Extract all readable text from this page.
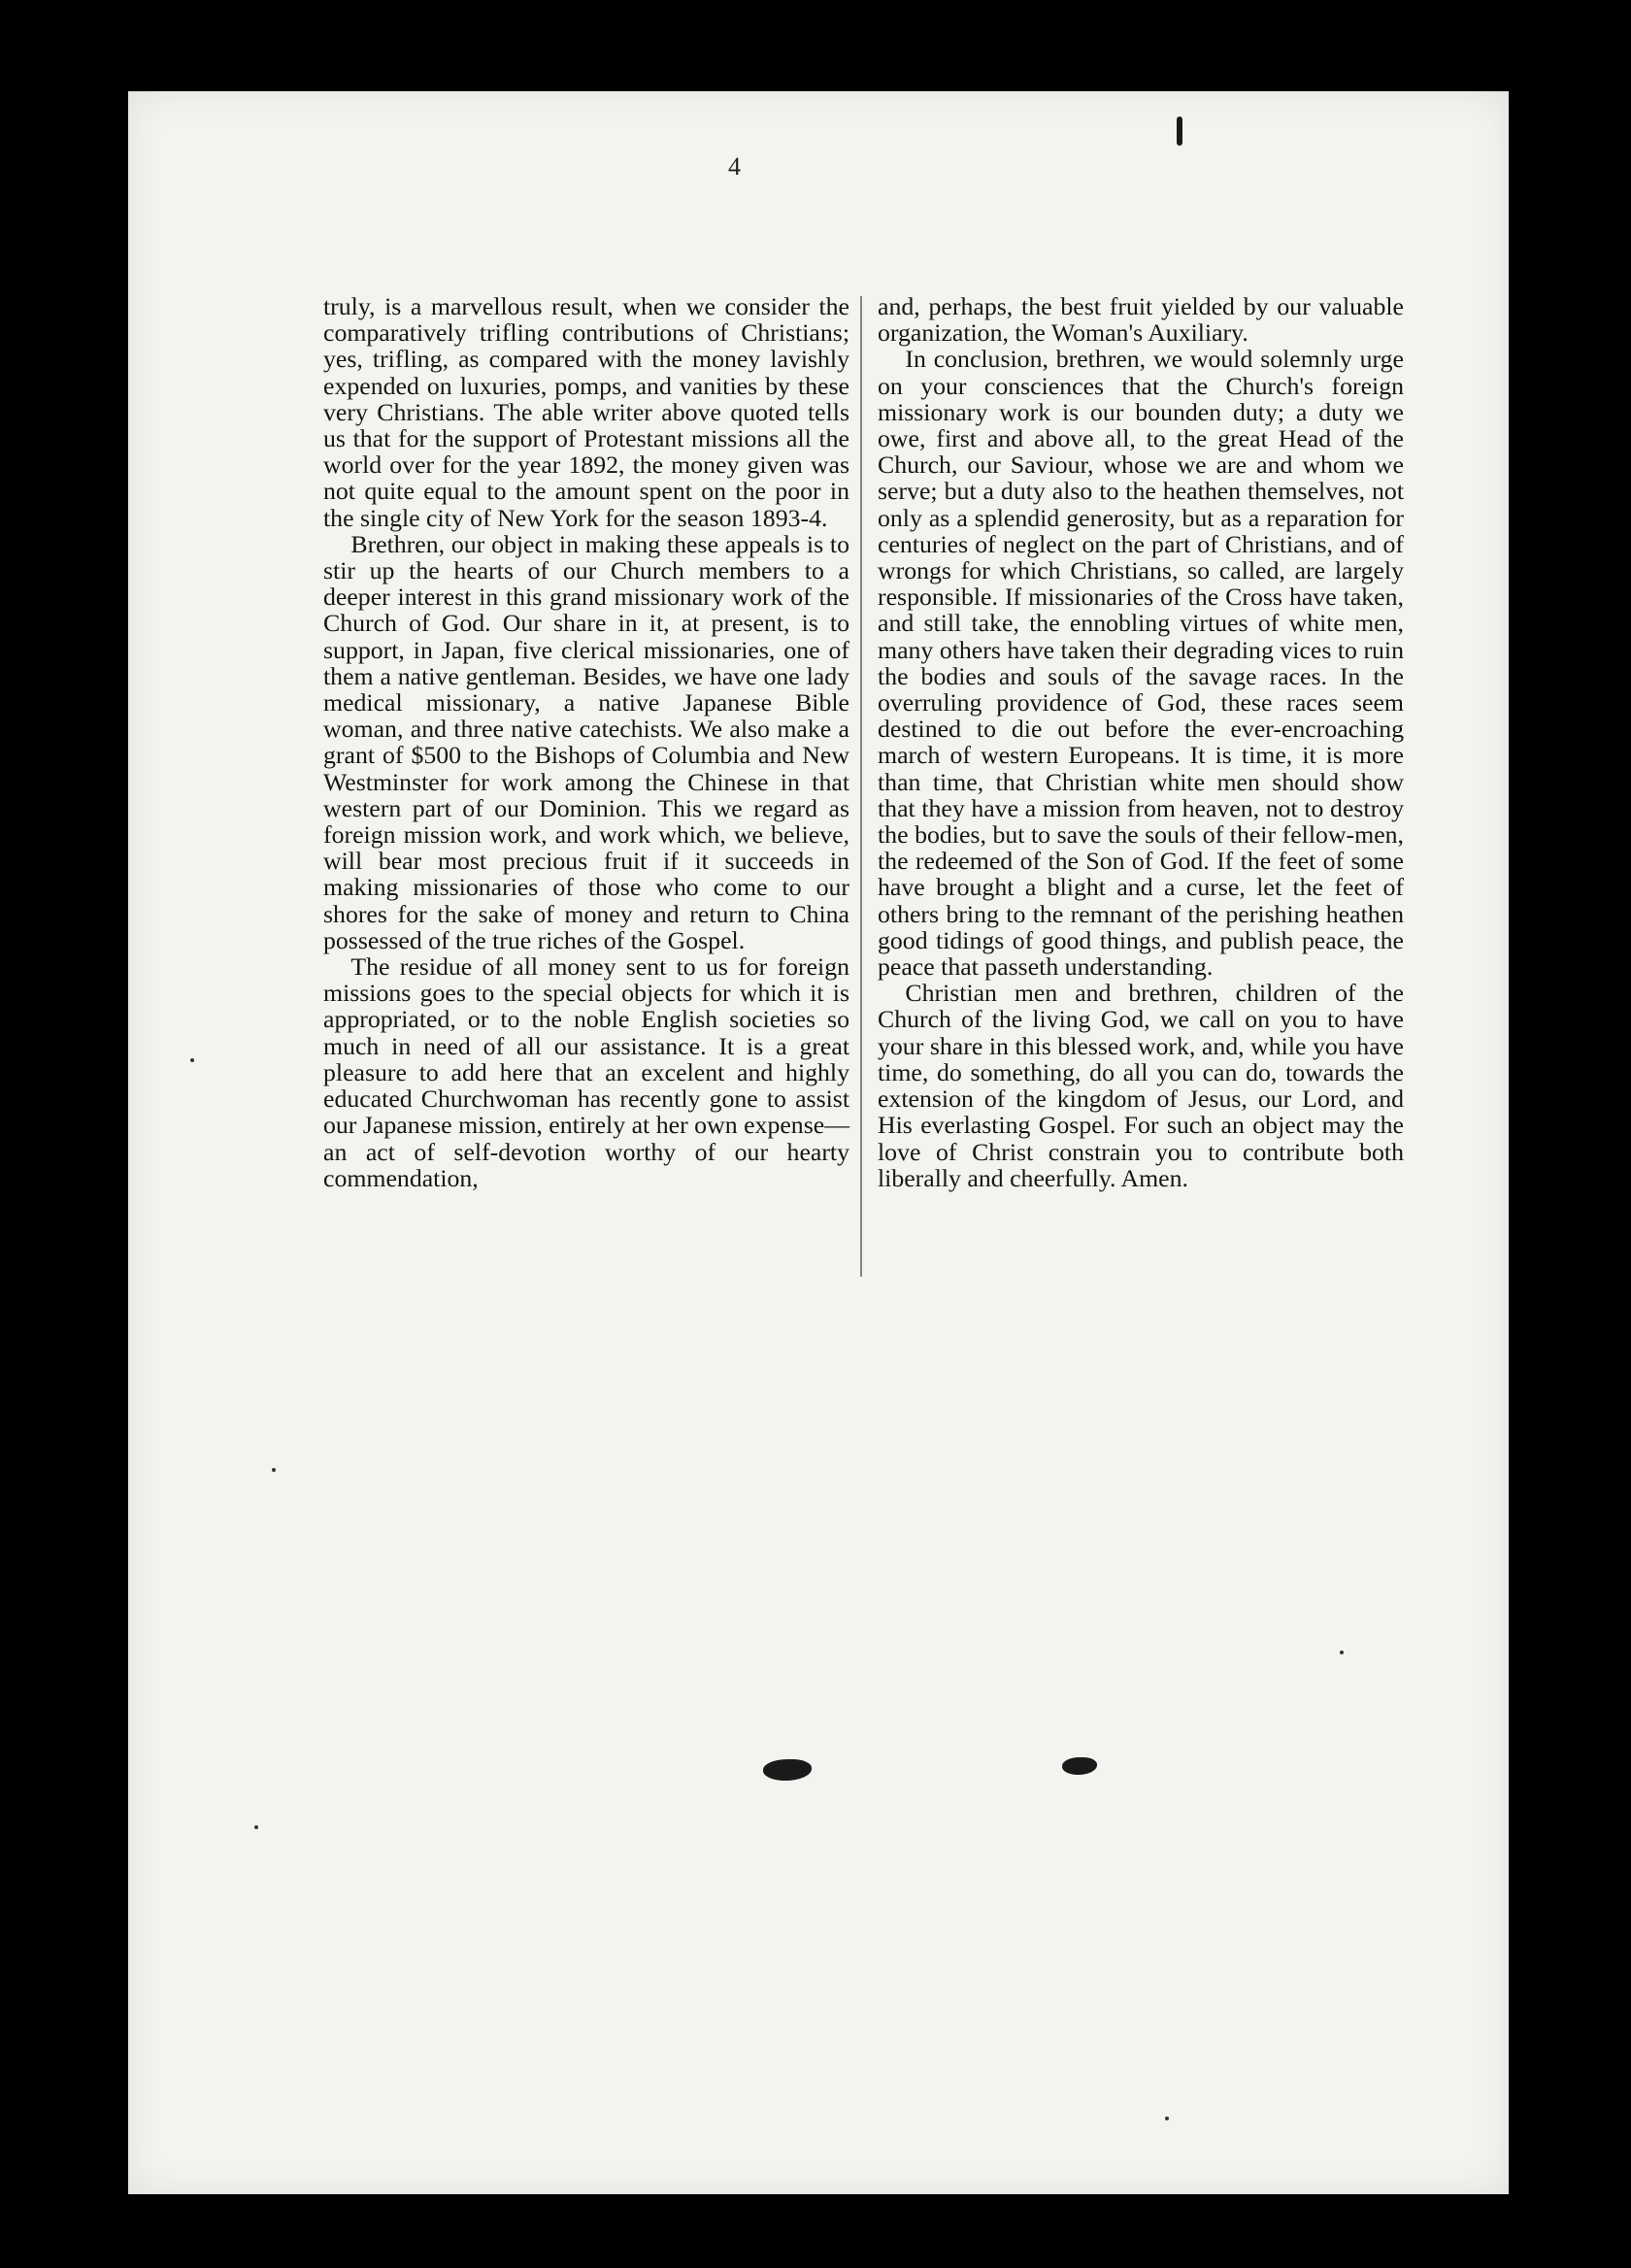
4

truly, is a marvellous result, when we consider the comparatively trifling contributions of Christians; yes, trifling, as compared with the money lavishly expended on luxuries, pomps, and vanities by these very Christians. The able writer above quoted tells us that for the support of Protestant missions all the world over for the year 1892, the money given was not quite equal to the amount spent on the poor in the single city of New York for the season 1893-4.

Brethren, our object in making these appeals is to stir up the hearts of our Church members to a deeper interest in this grand missionary work of the Church of God. Our share in it, at present, is to support, in Japan, five clerical missionaries, one of them a native gentleman. Besides, we have one lady medical missionary, a native Japanese Bible woman, and three native catechists. We also make a grant of $500 to the Bishops of Columbia and New Westminster for work among the Chinese in that western part of our Dominion. This we regard as foreign mission work, and work which, we believe, will bear most precious fruit if it succeeds in making missionaries of those who come to our shores for the sake of money and return to China possessed of the true riches of the Gospel.

The residue of all money sent to us for foreign missions goes to the special objects for which it is appropriated, or to the noble English societies so much in need of all our assistance. It is a great pleasure to add here that an excelent and highly educated Churchwoman has recently gone to assist our Japanese mission, entirely at her own expense—an act of self-devotion worthy of our hearty commendation,

and, perhaps, the best fruit yielded by our valuable organization, the Woman's Auxiliary.

In conclusion, brethren, we would solemnly urge on your consciences that the Church's foreign missionary work is our bounden duty; a duty we owe, first and above all, to the great Head of the Church, our Saviour, whose we are and whom we serve; but a duty also to the heathen themselves, not only as a splendid generosity, but as a reparation for centuries of neglect on the part of Christians, and of wrongs for which Christians, so called, are largely responsible. If missionaries of the Cross have taken, and still take, the ennobling virtues of white men, many others have taken their degrading vices to ruin the bodies and souls of the savage races. In the overruling providence of God, these races seem destined to die out before the ever-encroaching march of western Europeans. It is time, it is more than time, that Christian white men should show that they have a mission from heaven, not to destroy the bodies, but to save the souls of their fellow-men, the redeemed of the Son of God. If the feet of some have brought a blight and a curse, let the feet of others bring to the remnant of the perishing heathen good tidings of good things, and publish peace, the peace that passeth understanding.

Christian men and brethren, children of the Church of the living God, we call on you to have your share in this blessed work, and, while you have time, do something, do all you can do, towards the extension of the kingdom of Jesus, our Lord, and His everlasting Gospel. For such an object may the love of Christ constrain you to contribute both liberally and cheerfully. Amen.
